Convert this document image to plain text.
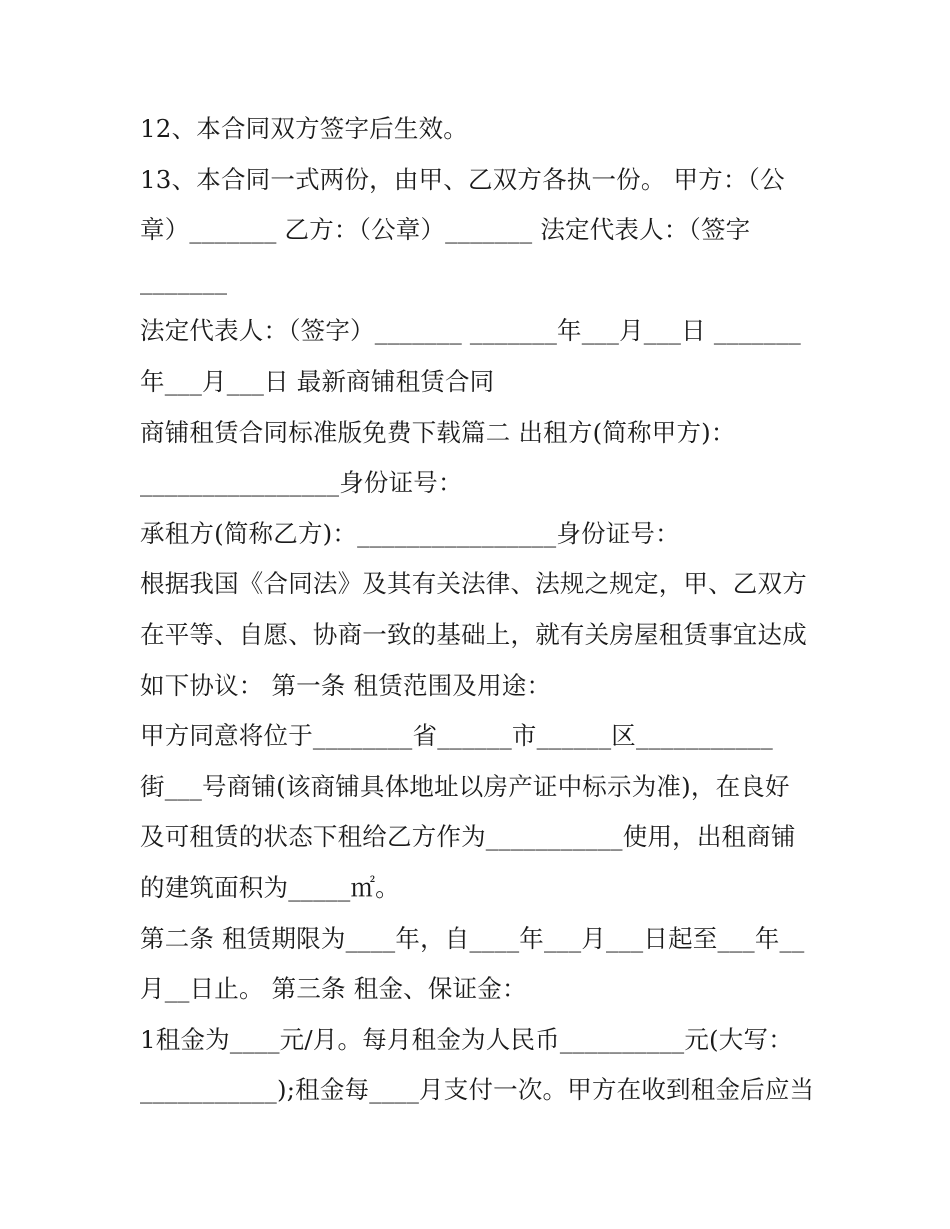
12、本合同双方签字后生效。
13、本合同一式两份，由甲、乙双方各执一份。 甲方：（公
章）_______ 乙方：（公章）_______ 法定代表人：（签字
_______
法定代表人：（签字）_______ _______年___月___日 _______
年___月___日 最新商铺租赁合同
商铺租赁合同标准版免费下载篇二 出租方(简称甲方)：
________________身份证号：
承租方(简称乙方)：________________身份证号：
根据我国《合同法》及其有关法律、法规之规定，甲、乙双方
在平等、自愿、协商一致的基础上，就有关房屋租赁事宜达成
如下协议： 第一条 租赁范围及用途：
甲方同意将位于________省______市______区___________
街___号商铺(该商铺具体地址以房产证中标示为准)，在良好
及可租赁的状态下租给乙方作为___________使用，出租商铺
的建筑面积为_____㎡。
第二条 租赁期限为____年，自____年___月___日起至___年__
月__日止。 第三条 租金、保证金：
1租金为____元/月。每月租金为人民币__________元(大写：
___________);租金每____月支付一次。甲方在收到租金后应当
